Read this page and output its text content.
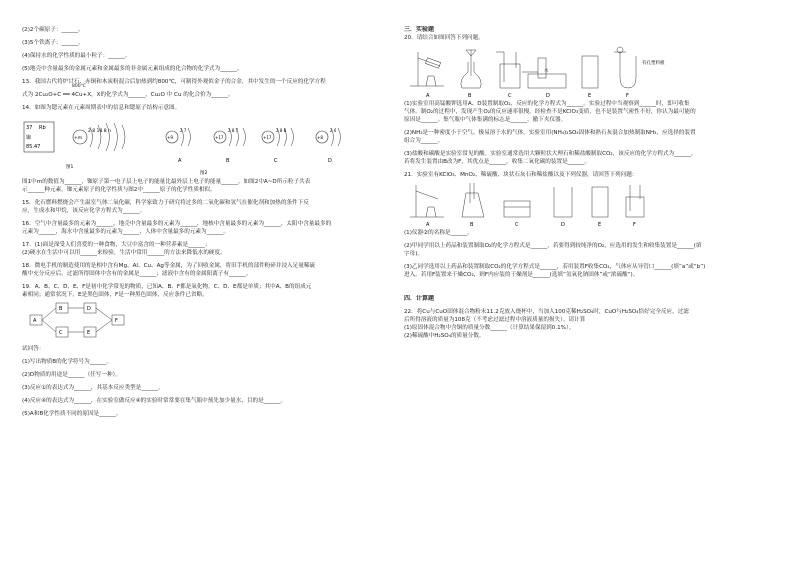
(2)2个碳原子：______。
(3)5个铁离子：______。
(4)保持水的化学性质的最小粒子：______。
(5)地壳中含量最多的金属元素和金属最多的非金属元素组成的化合物的化学式为______。
13．我国古代将炉甘石、赤铜和木炭粉混合后加热到约800℃，可制得外观似金子的合金，其中发生的一个反应的化学方程
800℃
式为 2Cu₂O+C ══ 4Cu+X，X的化学式为______，Cu₂O 中 Cu 的化合价为______。
14．如图为锶元素在元素周期表中的信息和锶原子结构示意图。
37 Rb
铷
85.47
+m
2 8 18 8 n
图1
+9
2 7
A
+17
2 8 7
B
+17
2 8 8
C
+8
2 6
D
图2
图1中m的数值为______，铷原子第一电子层上电子的能量比最外层上电子的能量______。如图2中A~D所示粒子共表
示______种元素，铷元素原子的化学性质与图2中______原子的化学性质相似。
15．化石燃料燃烧会产生温室气体二氧化碳，科学家致力于研究将过多的二氧化碳和氢气在催化剂和加热的条件下反
应，生成水和甲烷，该反应化学方程式为______。
16．空气中含量最多的元素为______，地壳中含量最多的元素为______，地核中含量最多的元素为______，太阳中含量最多的
元素为______，海水中含量最多的元素为______，人体中含量最多的元素为______。
17．(1)面是深受人们喜爱的一种食物，大豆中富含的一种营养素是______；
(2)硬水在生活中可以用______来检验，生活中常用______的方法来降低水的硬度。
18．微电手机的制造使用的是相中含有Mg、Al、Cu、Ag等金属，为了回收金属，将旧手机的部件粉碎并浸入足量稀硫
酸中充分反应后，过滤所得固体中含有的金属是______；滤液中含有的金属阳离子有______。
19．A、B、C、D、E、F是初中化学常见的物质，已知A、B、F都是氧化物，C、D、E都是单质；其中A、B的组成元
素相同；通常状况下，E是黑色固体，F是一种黑色固体，反应条件已省略。
A
B
C
D
E
F
试回答：
(1)写出物质B的化学符号为______。
(2)D物质的用途是______（任写一种）。
(3)反应①的表达式为______，其基本反应类型是______。
(4)反应④的表达式为______，在实验室做反应④的实验时常常要在集气瓶中预先加少量水，目的是______。
(5)A和B化学性质不同的原因是______。
三．实验题
20．请结合如图回答下列问题。
水
有孔塑料板
A	B	C	D	E	F
(1)实验室用高锰酸钾选用A、D装置制取O₂，反应的化学方程式为______。实验过程中当观察到______时，即可收集
气体。制O₂的过程中，发现产生O₂的反应速率很慢，经检查不是KClO₃变质，也不是装置气密性不好，你认为最可能的
原因是______。集气瓶中气体集满的标志是______，撤下夹仪器。
(2)NH₃是一种密度小于空气、极易溶于水的气体。实验室用(NH₄)₂SO₄固体和熟石灰混合加热制取NH₃，应选择的装置
组合为______。
(3)盐酸和碳酸是实验室常见的酸。实验室通常选用大颗粒状大理石和稀盐酸制取CO₂，该反应的化学方程式为______，
若将发生装置由B改为F，其优点是______，收集二氧化碳的装置是______。
21．实验室有KClO₃、MnO₂、稀硫酸、块状石灰石和稀盐酸以及下列仪器，请回答下列问题：
A	B	C	D	E	F
(1)仪器②的名称是______。
(2)甲同学用以上药品和装置制取O₂的化学方程式是______，若要得到较纯净的O₂，应选用的发生和收集装置是______(填
字母)。
(3)乙同学选用以上药品和装置制取CO₂的化学方程式是______，若用装置F收集CO₂，气体应从导管口______(填“a”或“b”)
进入。若用F装置来干燥CO₂，则F内应装的干燥剂是______(选填“氢氧化钠固体”或“浓硫酸”)。
四．计算题
22．将Cu与CuO固体混合物粉末11.2克放入烧杯中，当加入100克稀H₂SO₄时，CuO与H₂SO₄恰好完全反应，过滤
后所得溶液的质量为108克（不考虑过滤过程中溶液质量的损失）。请计算
(1)原固体混合物中含铜的质量分数______（计算结果保留到0.1%）。
(2)稀硫酸中H₂SO₄的质量分数。
